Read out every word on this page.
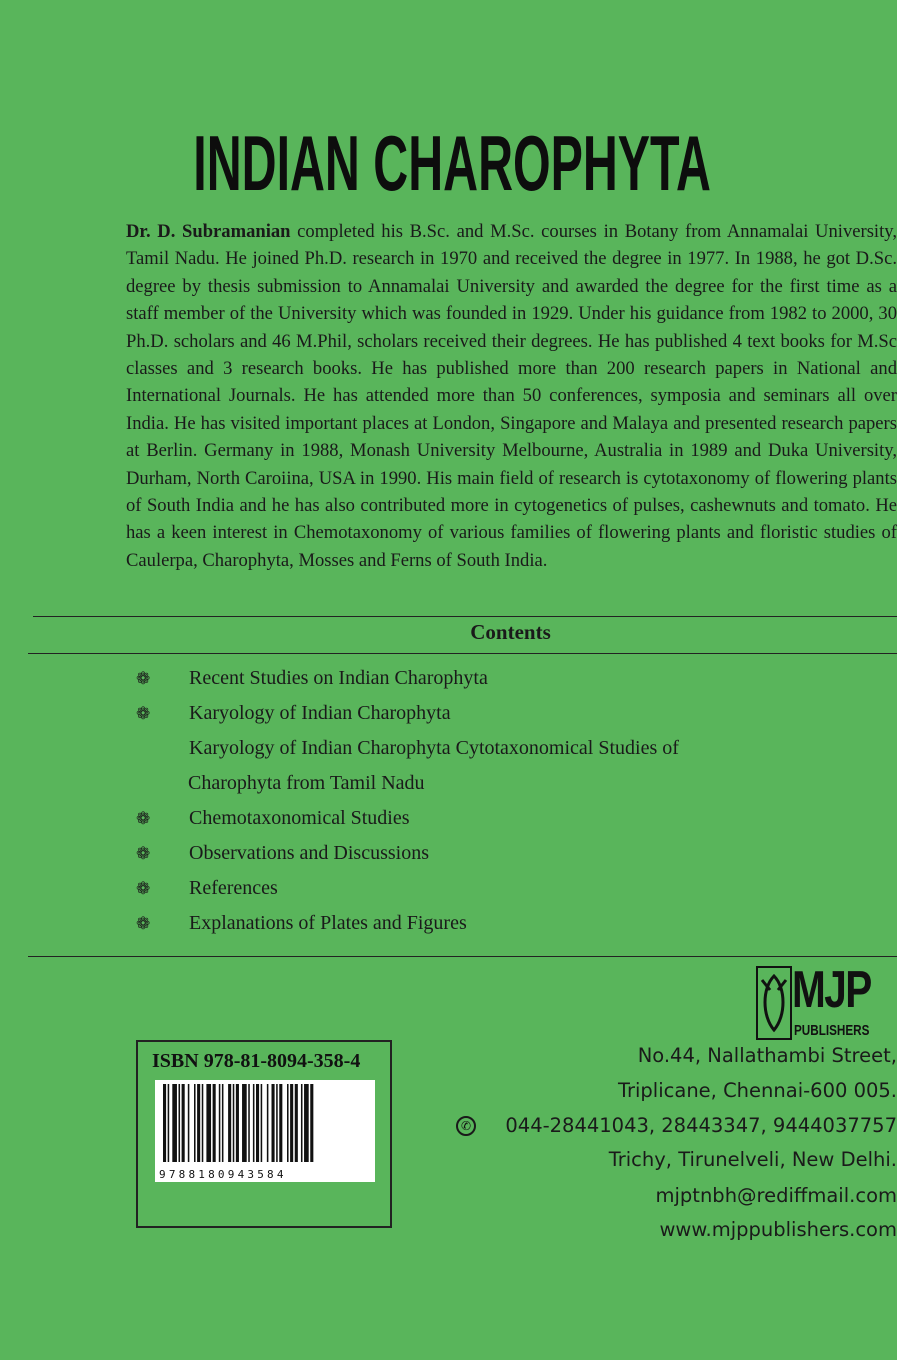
INDIAN CHAROPHYTA
Dr. D. Subramanian completed his B.Sc. and M.Sc. courses in Botany from Annamalai University, Tamil Nadu. He joined Ph.D. research in 1970 and received the degree in 1977. In 1988, he got D.Sc. degree by thesis submission to Annamalai University and awarded the degree for the first time as a staff member of the University which was founded in 1929. Under his guidance from 1982 to 2000, 30 Ph.D. scholars and 46 M.Phil, scholars received their degrees. He has published 4 text books for M.Sc classes and 3 research books. He has published more than 200 research papers in National and International Journals. He has attended more than 50 conferences, symposia and seminars all over India. He has visited important places at London, Singapore and Malaya and presented research papers at Berlin. Germany in 1988, Monash University Melbourne, Australia in 1989 and Duka University, Durham, North Caroiina, USA in 1990. His main field of research is cytotaxonomy of flowering plants of South India and he has also contributed more in cytogenetics of pulses, cashewnuts and tomato. He has a keen interest in Chemotaxonomy of various families of flowering plants and floristic studies of Caulerpa, Charophyta, Mosses and Ferns of South India.
Contents
❁ Recent Studies on Indian Charophyta
❁ Karyology of Indian Charophyta
Karyology of Indian Charophyta Cytotaxonomical Studies of
Charophyta from Tamil Nadu
❁ Chemotaxonomical Studies
❁ Observations and Discussions
❁ References
❁ Explanations of Plates and Figures
MJP
PUBLISHERS
No.44, Nallathambi Street,
Triplicane, Chennai-600 005.
✆ 044-28441043, 28443347, 9444037757
Trichy, Tirunelveli, New Delhi.
mjptnbh@rediffmail.com
www.mjppublishers.com
ISBN 978-81-8094-358-4
9788180943584
